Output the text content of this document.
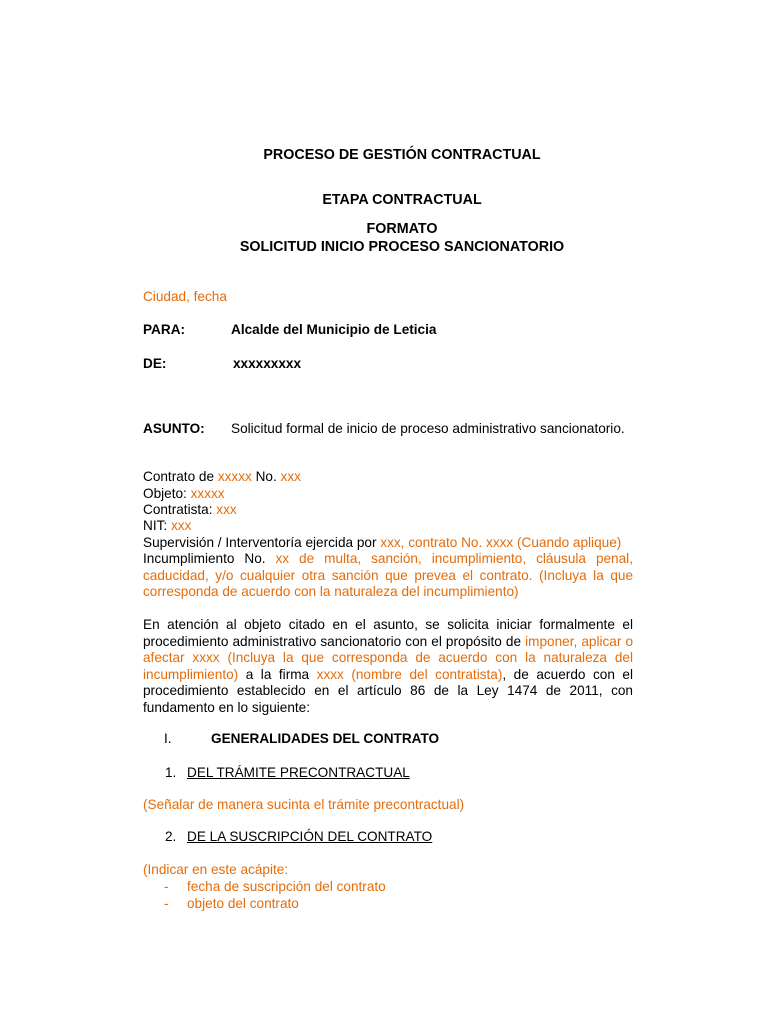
PROCESO DE GESTIÓN CONTRACTUAL
ETAPA CONTRACTUAL
FORMATO
SOLICITUD INICIO PROCESO SANCIONATORIO
Ciudad, fecha
PARA:	Alcalde del Municipio de Leticia
DE:	xxxxxxxxx
ASUNTO: Solicitud formal de inicio de proceso administrativo sancionatorio.
Contrato de xxxxx No. xxx
Objeto: xxxxx
Contratista: xxx
NIT: xxx
Supervisión / Interventoría ejercida por xxx, contrato No. xxxx (Cuando aplique)
Incumplimiento No. xx de multa, sanción, incumplimiento, cláusula penal, caducidad, y/o cualquier otra sanción que prevea el contrato. (Incluya la que corresponda de acuerdo con la naturaleza del incumplimiento)
En atención al objeto citado en el asunto, se solicita iniciar formalmente el procedimiento administrativo sancionatorio con el propósito de imponer, aplicar o afectar xxxx (Incluya la que corresponda de acuerdo con la naturaleza del incumplimiento) a la firma xxxx (nombre del contratista), de acuerdo con el procedimiento establecido en el artículo 86 de la Ley 1474 de 2011, con fundamento en lo siguiente:
I.	GENERALIDADES DEL CONTRATO
1. DEL TRÁMITE PRECONTRACTUAL
(Señalar de manera sucinta el trámite precontractual)
2. DE LA SUSCRIPCIÓN DEL CONTRATO
(Indicar en este acápite:
- fecha de suscripción del contrato
- objeto del contrato
